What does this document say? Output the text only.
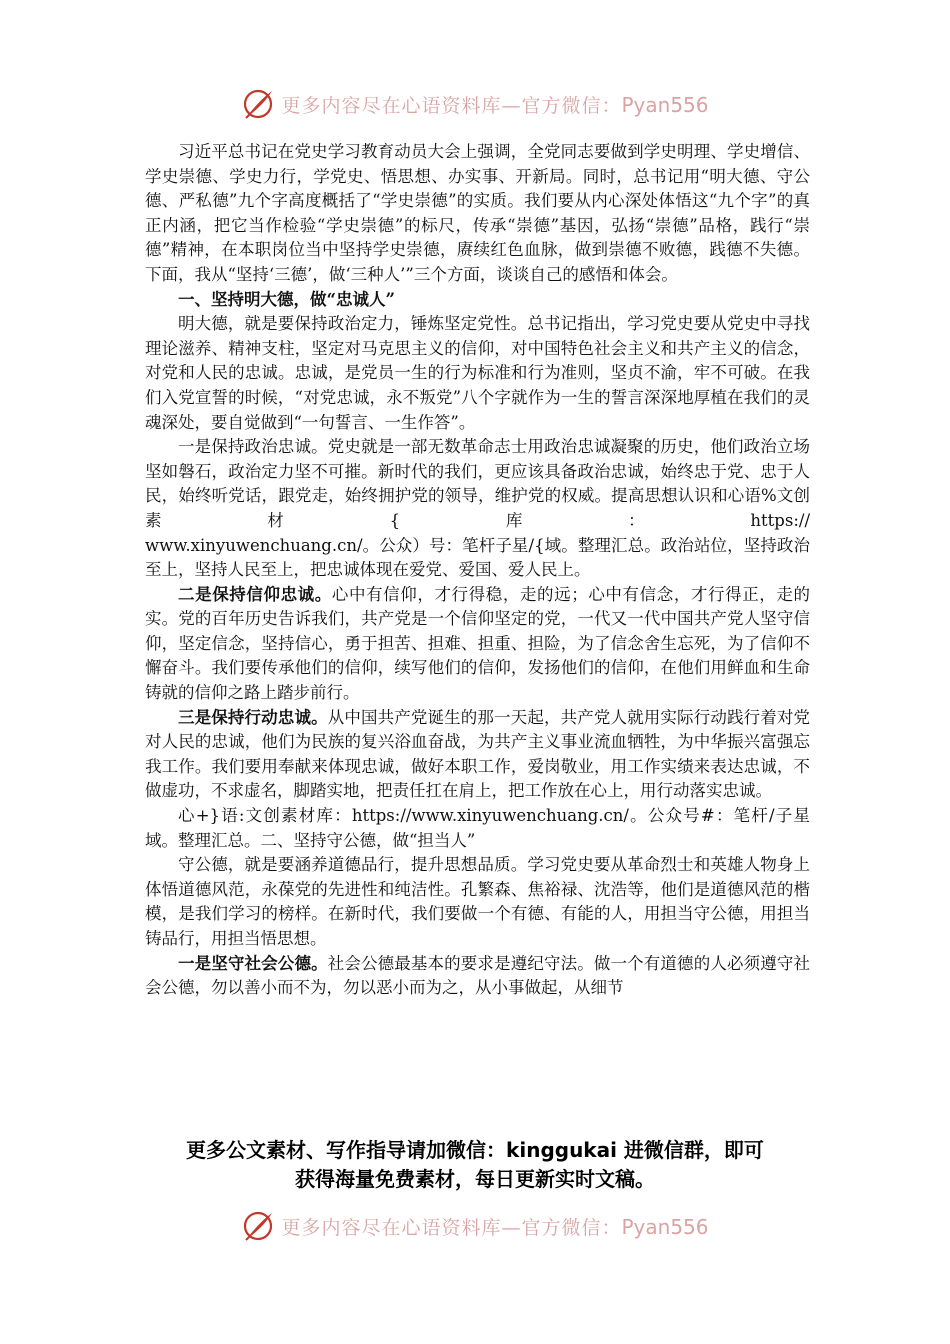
更多内容尽在心语资料库—官方微信：Pyan556

习近平总书记在党史学习教育动员大会上强调，全党同志要做到学史明理、学史增信、学史崇德、学史力行，学党史、悟思想、办实事、开新局。同时，总书记用“明大德、守公德、严私德”九个字高度概括了“学史崇德”的实质。我们要从内心深处体悟这“九个字”的真正内涵，把它当作检验“学史崇德”的标尺，传承“崇德”基因，弘扬“崇德”品格，践行“崇德”精神，在本职岗位当中坚持学史崇德，赓续红色血脉，做到崇德不败德，践德不失德。下面，我从“坚持‘三德’，做‘三种人’”三个方面，谈谈自己的感悟和体会。

一、坚持明大德，做“忠诚人”

明大德，就是要保持政治定力，锤炼坚定党性。总书记指出，学习党史要从党史中寻找理论滋养、精神支柱，坚定对马克思主义的信仰，对中国特色社会主义和共产主义的信念，对党和人民的忠诚。忠诚，是党员一生的行为标准和行为准则，坚贞不渝，牢不可破。在我们入党宣誓的时候，“对党忠诚，永不叛党”八个字就作为一生的誓言深深地厚植在我们的灵魂深处，要自觉做到“一句誓言、一生作答”。

一是保持政治忠诚。党史就是一部无数革命志士用政治忠诚凝聚的历史，他们政治立场坚如磐石，政治定力坚不可摧。新时代的我们，更应该具备政治忠诚，始终忠于党、忠于人民，始终听党话，跟党走，始终拥护党的领导，维护党的权威。提高思想认识和心语%文创素材{库：https://

www.xinyuwenchuang.cn/。公众）号：笔杆子星/{域。整理汇总。政治站位，坚持政治至上，坚持人民至上，把忠诚体现在爱党、爱国、爱人民上。

二是保持信仰忠诚。心中有信仰，才行得稳，走的远；心中有信念，才行得正，走的实。党的百年历史告诉我们，共产党是一个信仰坚定的党，一代又一代中国共产党人坚守信仰，坚定信念，坚持信心，勇于担苦、担难、担重、担险，为了信念舍生忘死，为了信仰不懈奋斗。我们要传承他们的信仰，续写他们的信仰，发扬他们的信仰，在他们用鲜血和生命铸就的信仰之路上踏步前行。

三是保持行动忠诚。从中国共产党诞生的那一天起，共产党人就用实际行动践行着对党对人民的忠诚，他们为民族的复兴浴血奋战，为共产主义事业流血牺牲，为中华振兴富强忘我工作。我们要用奉献来体现忠诚，做好本职工作，爱岗敬业，用工作实绩来表达忠诚，不做虚功，不求虚名，脚踏实地，把责任扛在肩上，把工作放在心上，用行动落实忠诚。

心+}语:文创素材库：https://www.xinyuwenchuang.cn/。公众号#：笔杆/子星域。整理汇总。二、坚持守公德，做“担当人”

守公德，就是要涵养道德品行，提升思想品质。学习党史要从革命烈士和英雄人物身上体悟道德风范，永葆党的先进性和纯洁性。孔繁森、焦裕禄、沈浩等，他们是道德风范的楷模，是我们学习的榜样。在新时代，我们要做一个有德、有能的人，用担当守公德，用担当铸品行，用担当悟思想。

一是坚守社会公德。社会公德最基本的要求是遵纪守法。做一个有道德的人必须遵守社会公德，勿以善小而不为，勿以恶小而为之，从小事做起，从细节

更多公文素材、写作指导请加微信：kinggukai 进微信群，即可
获得海量免费素材，每日更新实时文稿。
更多内容尽在心语资料库—官方微信：Pyan556
